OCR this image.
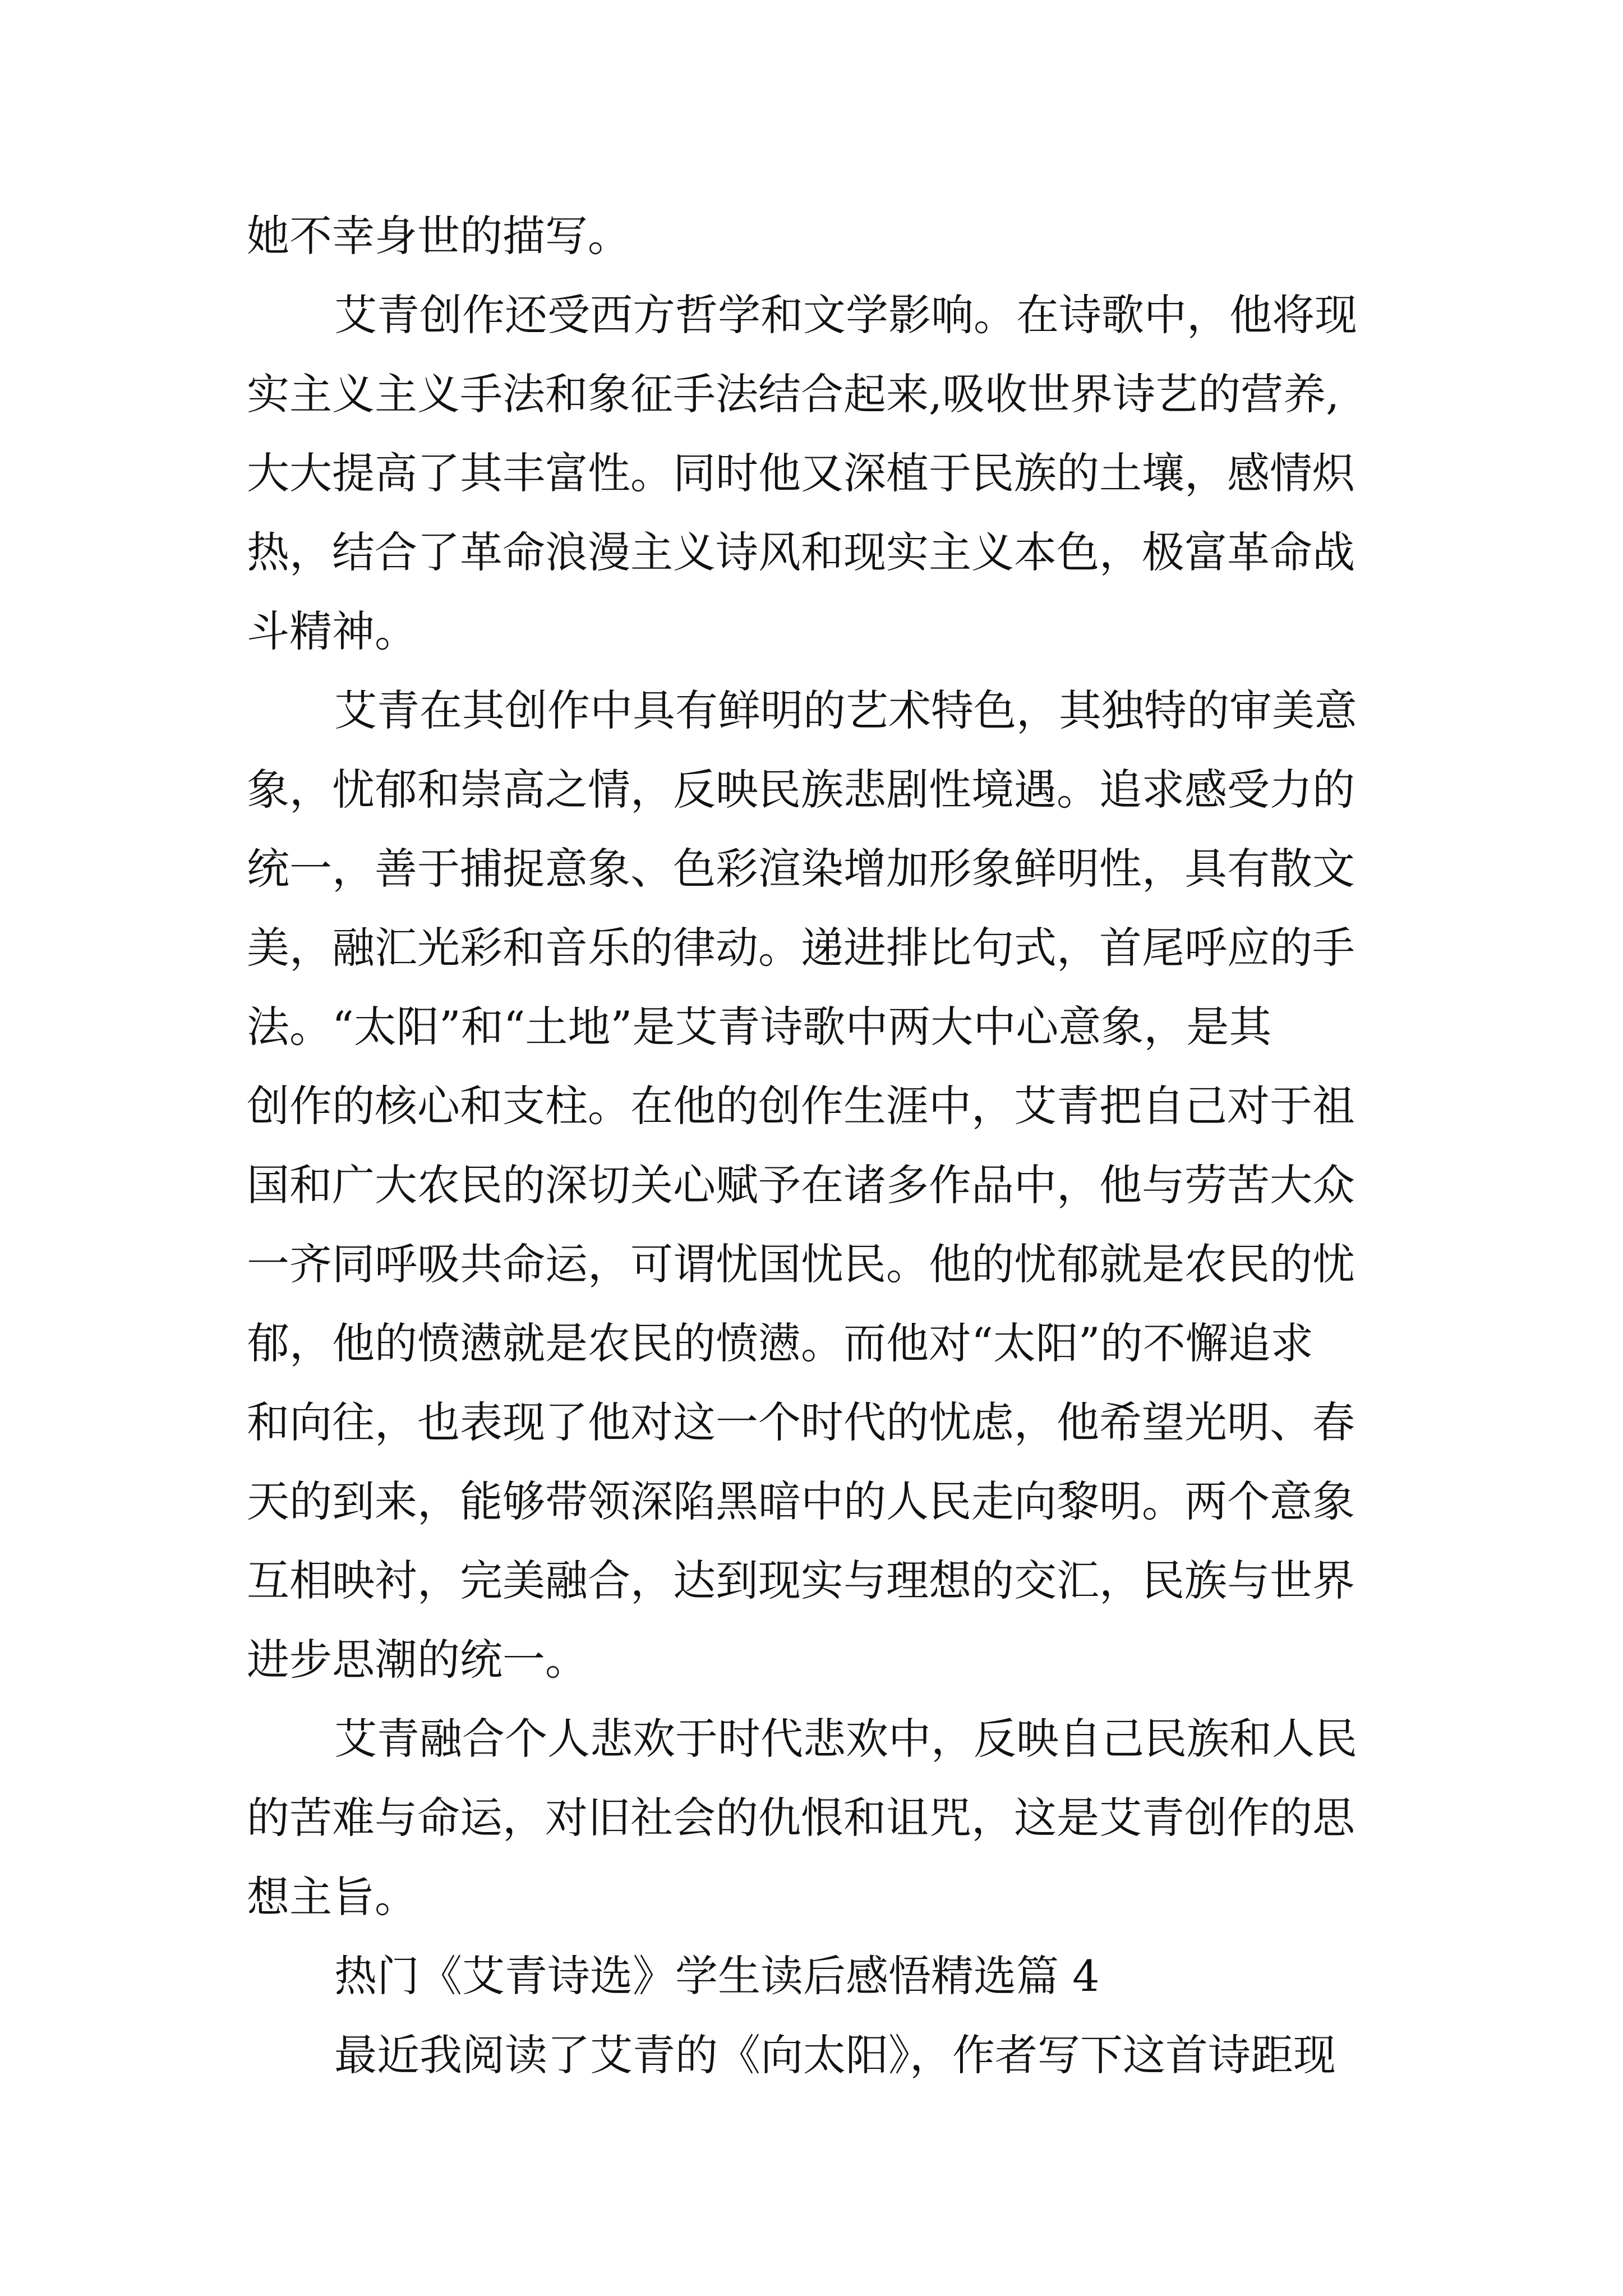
她不幸身世的描写。
艾青创作还受西方哲学和文学影响。在诗歌中，他将现
实主义主义手法和象征手法结合起来,吸收世界诗艺的营养,
大大提高了其丰富性。同时他又深植于民族的土壤，感情炽
热，结合了革命浪漫主义诗风和现实主义本色，极富革命战
斗精神。
艾青在其创作中具有鲜明的艺术特色，其独特的审美意
象，忧郁和崇高之情，反映民族悲剧性境遇。追求感受力的
统一，善于捕捉意象、色彩渲染增加形象鲜明性，具有散文
美，融汇光彩和音乐的律动。递进排比句式，首尾呼应的手
法。“太阳”和“土地”是艾青诗歌中两大中心意象，是其
创作的核心和支柱。在他的创作生涯中，艾青把自己对于祖
国和广大农民的深切关心赋予在诸多作品中，他与劳苦大众
一齐同呼吸共命运，可谓忧国忧民。他的忧郁就是农民的忧
郁，他的愤懑就是农民的愤懑。而他对“太阳”的不懈追求
和向往，也表现了他对这一个时代的忧虑，他希望光明、春
天的到来，能够带领深陷黑暗中的人民走向黎明。两个意象
互相映衬，完美融合，达到现实与理想的交汇，民族与世界
进步思潮的统一。
艾青融合个人悲欢于时代悲欢中，反映自己民族和人民
的苦难与命运，对旧社会的仇恨和诅咒，这是艾青创作的思
想主旨。
热门《艾青诗选》学生读后感悟精选篇 4
最近我阅读了艾青的《向太阳》，作者写下这首诗距现
